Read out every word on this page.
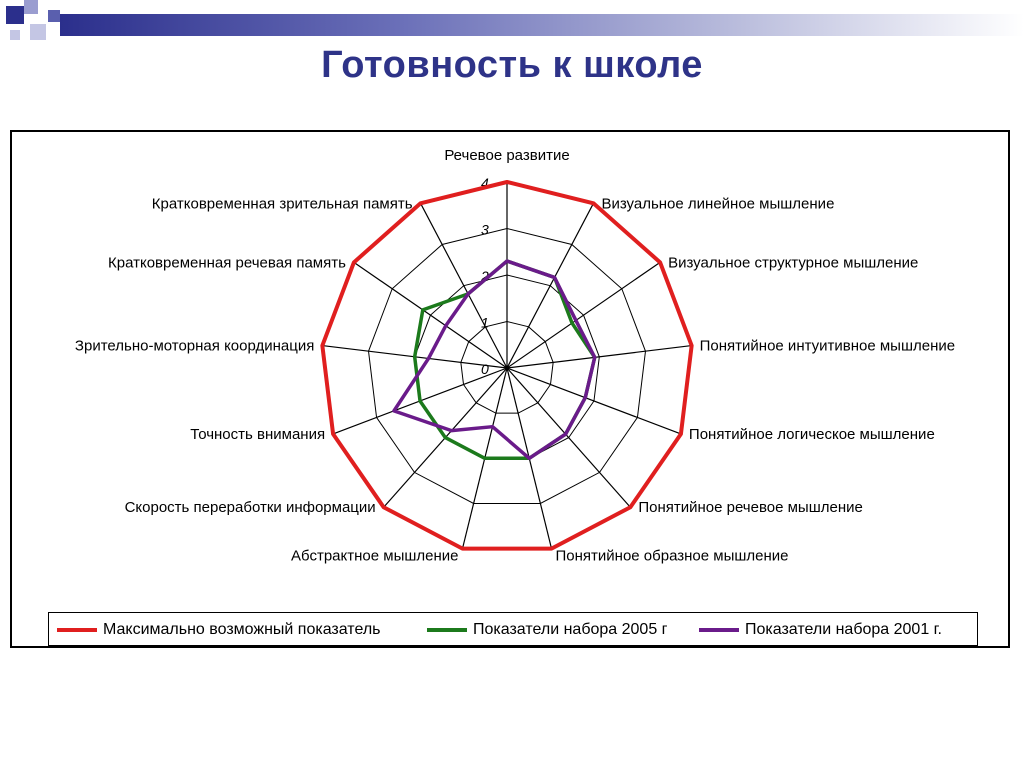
Готовность к школе
0
1
2
3
4
Речевое развитие
Визуальное линейное мышление
Визуальное структурное мышление
Понятийное интуитивное мышление
Понятийное логическое мышление
Понятийное речевое мышление
Понятийное образное мышление
Абстрактное мышление
Скорость переработки информации
Точность внимания
Зрительно-моторная координация
Кратковременная речевая память
Кратковременная зрительная память
Максимально возможный показатель	Показатели набора 2005 г	Показатели набора 2001 г.
